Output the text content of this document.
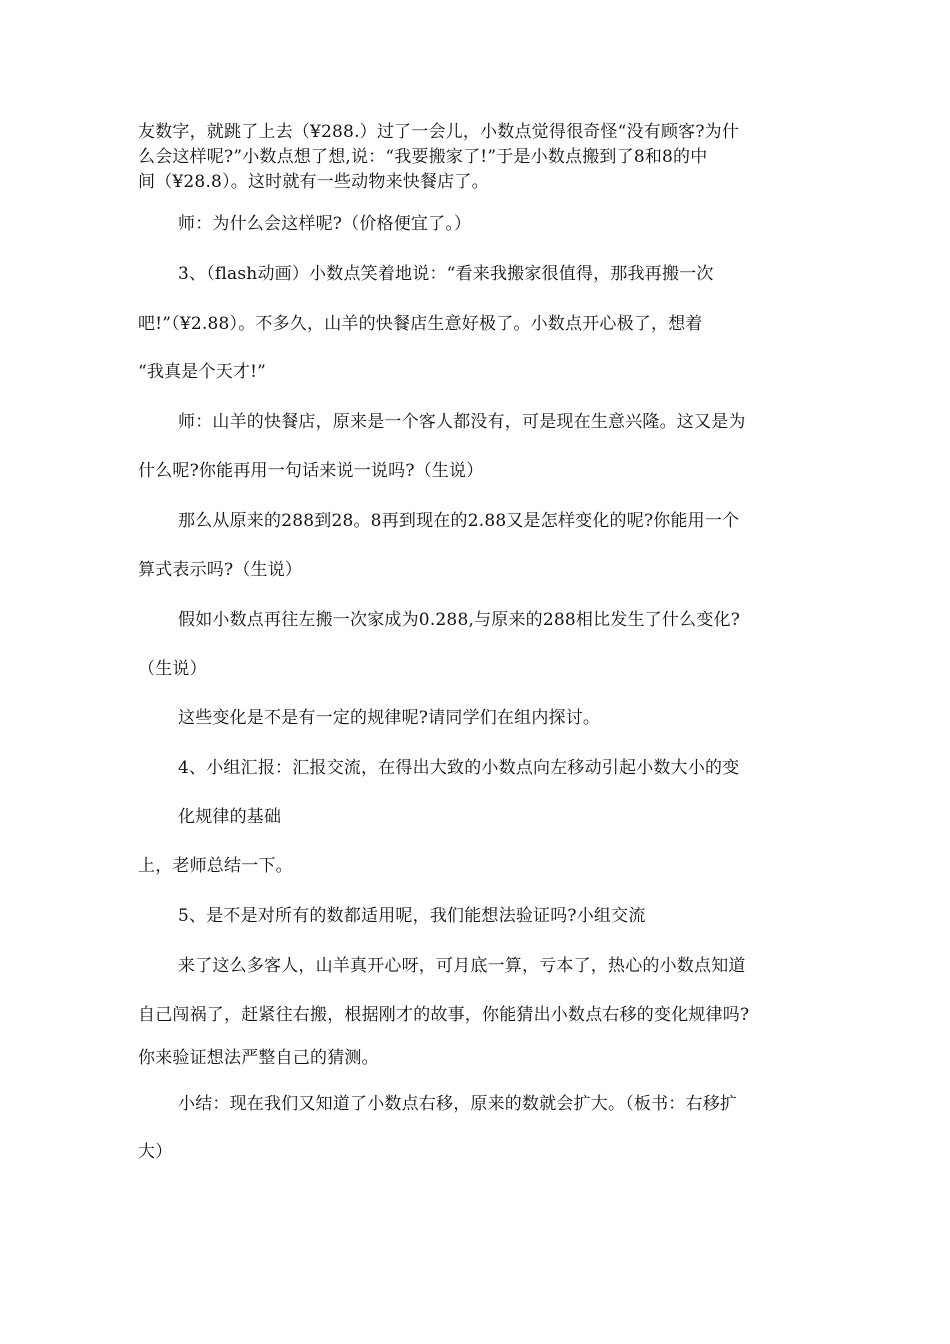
友数字，就跳了上去（¥288.）过了一会儿，小数点觉得很奇怪“没有顾客?为什
么会这样呢?”小数点想了想,说：“我要搬家了!”于是小数点搬到了8和8的中
间（¥28.8）。这时就有一些动物来快餐店了。
师：为什么会这样呢?（价格便宜了。）
3、（flash动画）小数点笑着地说：“看来我搬家很值得，那我再搬一次
吧!”（¥2.88）。不多久，山羊的快餐店生意好极了。小数点开心极了，想着
“我真是个天才!”
师：山羊的快餐店，原来是一个客人都没有，可是现在生意兴隆。这又是为
什么呢?你能再用一句话来说一说吗?（生说）
那么从原来的288到28。8再到现在的2.88又是怎样变化的呢?你能用一个
算式表示吗?（生说）
假如小数点再往左搬一次家成为0.288,与原来的288相比发生了什么变化?
（生说）
这些变化是不是有一定的规律呢?请同学们在组内探讨。
4、小组汇报：汇报交流，在得出大致的小数点向左移动引起小数大小的变
化规律的基础
上，老师总结一下。
5、是不是对所有的数都适用呢，我们能想法验证吗?小组交流
来了这么多客人，山羊真开心呀，可月底一算，亏本了，热心的小数点知道
自己闯祸了，赶紧往右搬，根据刚才的故事，你能猜出小数点右移的变化规律吗?
你来验证想法严整自己的猜测。
小结：现在我们又知道了小数点右移，原来的数就会扩大。（板书：右移扩
大）
